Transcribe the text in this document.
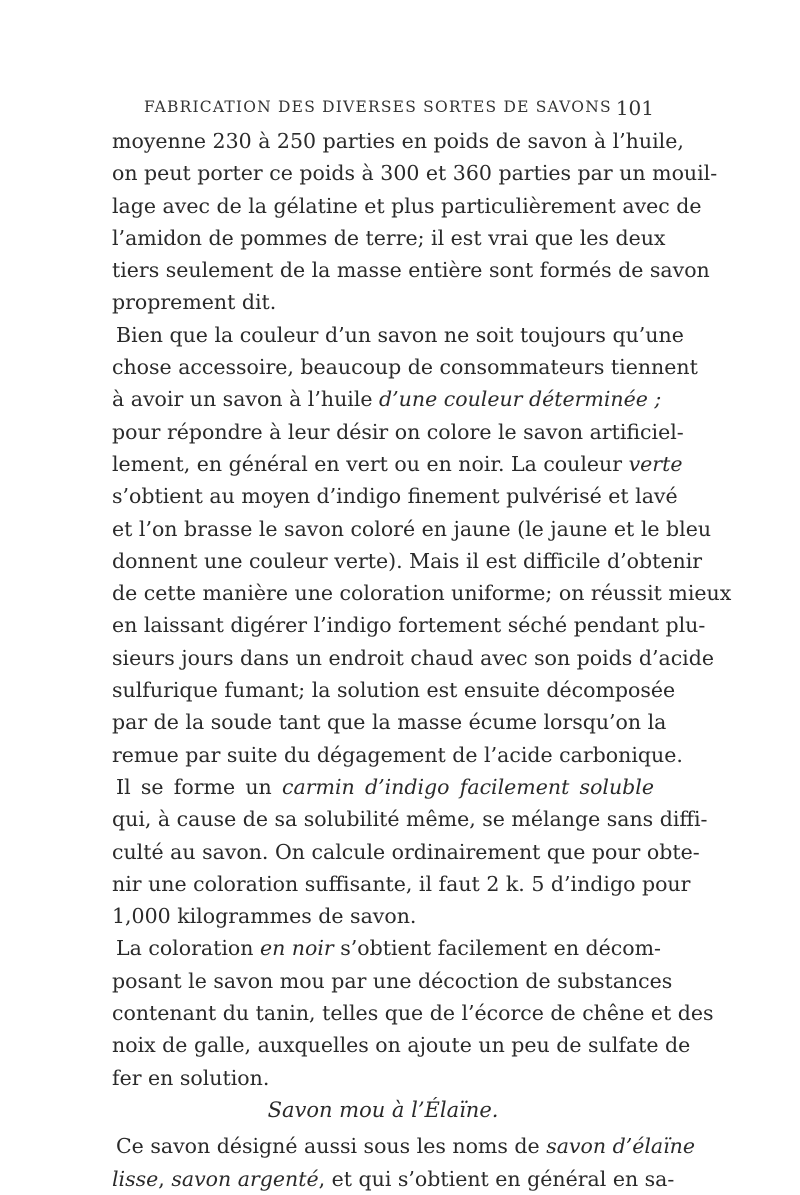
FABRICATION DES DIVERSES SORTES DE SAVONS 101
moyenne 230 à 250 parties en poids de savon à l’huile,
on peut porter ce poids à 300 et 360 parties par un mouil-
lage avec de la gélatine et plus particulièrement avec de
l’amidon de pommes de terre; il est vrai que les deux
tiers seulement de la masse entière sont formés de savon
proprement dit.
Bien que la couleur d’un savon ne soit toujours qu’une
chose accessoire, beaucoup de consommateurs tiennent
à avoir un savon à l’huile d’une couleur déterminée ;
pour répondre à leur désir on colore le savon artificiel-
lement, en général en vert ou en noir. La couleur verte
s’obtient au moyen d’indigo finement pulvérisé et lavé
et l’on brasse le savon coloré en jaune (le jaune et le bleu
donnent une couleur verte). Mais il est difficile d’obtenir
de cette manière une coloration uniforme; on réussit mieux
en laissant digérer l’indigo fortement séché pendant plu-
sieurs jours dans un endroit chaud avec son poids d’acide
sulfurique fumant; la solution est ensuite décomposée
par de la soude tant que la masse écume lorsqu’on la
remue par suite du dégagement de l’acide carbonique.
Il se forme un carmin d’indigo facilement soluble
qui, à cause de sa solubilité même, se mélange sans diffi-
culté au savon. On calcule ordinairement que pour obte-
nir une coloration suffisante, il faut 2 k. 5 d’indigo pour
1,000 kilogrammes de savon.
La coloration en noir s’obtient facilement en décom-
posant le savon mou par une décoction de substances
contenant du tanin, telles que de l’écorce de chêne et des
noix de galle, auxquelles on ajoute un peu de sulfate de
fer en solution.
Savon mou à l’Élaïne.
Ce savon désigné aussi sous les noms de savon d’élaïne
lisse, savon argenté, et qui s’obtient en général en sa-
